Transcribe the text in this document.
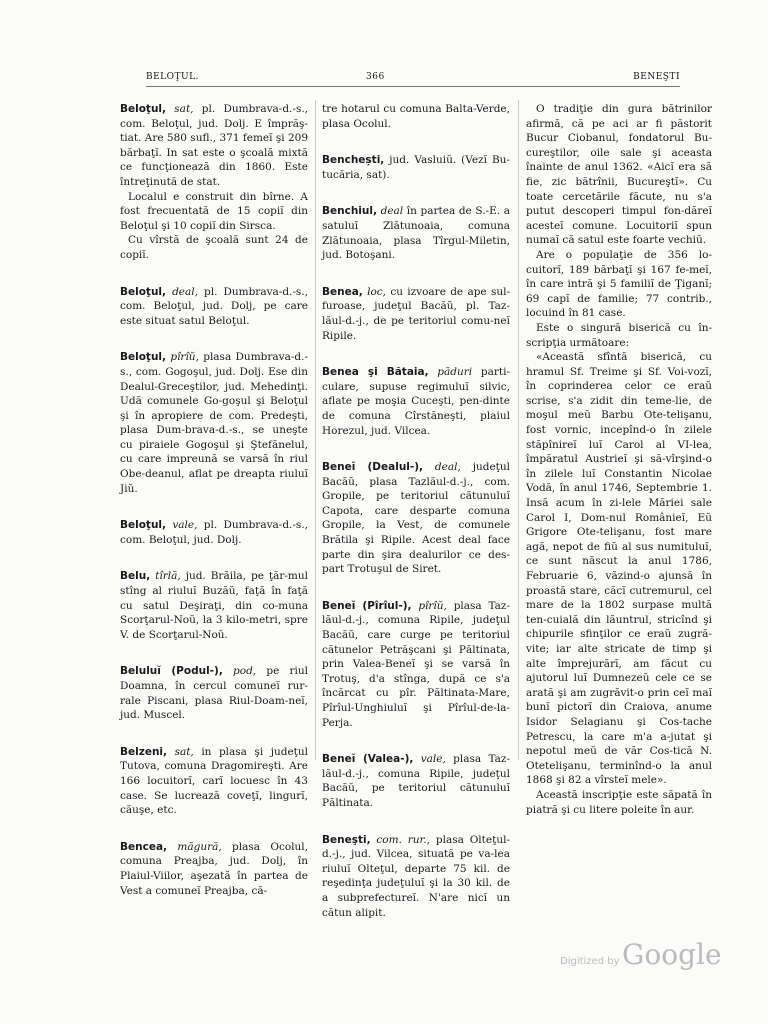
BELOŢUL.	366	BENEŞTI

Beloţul, sat, pl. Dumbrava-d.-s., com. Beloţul, jud. Dolj. E împrăş-tiat. Are 580 sufl., 371 femeĭ şi 209 bărbaţĭ. In sat este o şcoală mixtă ce funcţionează din 1860. Este întreţinută de stat.

Localul e construit din bîrne. A fost frecuentată de 15 copiĭ din Beloţul şi 10 copiĭ din Sirsca.

Cu vîrstă de şcoală sunt 24 de copiĭ.

Beloţul, deal, pl. Dumbrava-d.-s., com. Beloţul, jud. Dolj, pe care este situat satul Beloţul.

Beloţul, pîrîŭ, plasa Dumbrava-d.-s., com. Gogoşul, jud. Dolj. Ese din Dealul-Greceştilor, jud. Mehedinţi. Udă comunele Go-goşul şi Beloţul şi în apropiere de com. Predeşti, plasa Dum-brava-d.-s., se uneşte cu piraiele Gogoşul şi Ştefănelul, cu care impreună se varsă în riul Obe-deanul, aflat pe dreapta riuluĭ Jiŭ.

Beloţul, vale, pl. Dumbrava-d.-s., com. Beloţul, jud. Dolj.

Belu, tîrlă, jud. Brăila, pe ţăr-mul stîng al riuluĭ Buzăŭ, faţă în faţă cu satul Deşiraţi, din co-muna Scorţarul-Noŭ, la 3 kilo-metri, spre V. de Scorţarul-Noŭ.

Beluluĭ (Podul-), pod, pe riul Doamna, în cercul comuneĭ rur-rale Piscani, plasa Riul-Doam-neĭ, jud. Muscel.

Belzeni, sat, in plasa şi judeţul Tutova, comuna Dragomireşti. Are 166 locuitorĭ, carĭ locuesc în 43 case. Se lucrează coveţĭ, lingurĭ, căuşe, etc.

Bencea, măgură, plasa Ocolul, comuna Preajba, jud. Dolj, în Plaiul-Viilor, aşezată în partea de Vest a comuneĭ Preajba, că-

tre hotarul cu comuna Balta-Verde, plasa Ocolul.

Benchești, jud. Vasluiŭ. (Vezĭ Bu-tucăria, sat).

Benchiul, deal în partea de S.-E. a satuluĭ Zlătunoaia, comuna Zlătunoaia, plasa Tîrgul-Miletin, jud. Botoşani.

Benea, loc, cu izvoare de ape sul-furoase, judeţul Bacăŭ, pl. Taz-lăul-d.-j., de pe teritoriul comu-neĭ Ripile.

Benea şi Bătaia, păduri parti-culare, supuse regimuluĭ silvic, aflate pe moşia Cuceşti, pen-dinte de comuna Cîrstăneşti, plaiul Horezul, jud. Vilcea.

Beneĭ (Dealul-), deal, judeţul Bacăŭ, plasa Tazlăul-d.-j., com. Gropile, pe teritoriul cătunuluĭ Capota, care desparte comuna Gropile, la Vest, de comunele Brătila şi Ripile. Acest deal face parte din şira dealurilor ce des-part Trotuşul de Siret.

Beneĭ (Pîrîul-), pîrîŭ, plasa Taz-lăul-d.-j., comuna Ripile, judeţul Bacăŭ, care curge pe teritoriul cătunelor Petrăşcani şi Păltinata, prin Valea-Beneĭ şi se varsă în Trotuş, d'a stînga, după ce s'a încărcat cu pîr. Păltinata-Mare, Pîrîul-Unghiuluĭ şi Pîrîul-de-la-Perja.

Beneĭ (Valea-), vale, plasa Taz-lăul-d.-j., comuna Ripile, judeţul Bacăŭ, pe teritoriul cătunuluĭ Păltinata.

Beneşti, com. rur., plasa Olteţul-d.-j., jud. Vilcea, situată pe va-lea riuluĭ Olteţul, departe 75 kil. de reşedinţa judeţuluĭ şi la 30 kil. de a subprefectureĭ. N'are nicĭ un cătun alipit.

O tradiţie din gura bătrinilor afirmă, că pe aci ar fi păstorit Bucur Ciobanul, fondatorul Bu-cureştilor, oile sale şi aceasta înainte de anul 1362. «Aicĭ era să fie, zic bătrînii, Bucureştĭ». Cu toate cercetările făcute, nu s'a putut descoperi timpul fon-dăreĭ acesteĭ comune. Locuitoriĭ spun numaĭ că satul este foarte vechiŭ.

Are o populaţie de 356 lo-cuitorĭ, 189 bărbaţĭ şi 167 fe-meĭ, în care intră şi 5 familiĭ de Ţiganĭ; 69 capĭ de familie; 77 contrib., locuind în 81 case.

Este o singură biserică cu în-scripţia următoare:

«Această sfîntă biserică, cu hramul Sf. Treime şi Sf. Voi-vozĭ, în coprinderea celor ce eraŭ scrise, s'a zidit din teme-lie, de moşul meŭ Barbu Ote-telişanu, fost vornic, incepînd-o în zilele stăpînireĭ luĭ Carol al VI-lea, împăratul Austrieĭ şi să-vîrşind-o în zilele luĭ Constantin Nicolae Vodă, în anul 1746, Septembrie 1. Insă acum în zi-lele Măriei sale Carol I, Dom-nul Românieĭ, Eŭ Grigore Ote-telişanu, fost mare agă, nepot de fiŭ al sus numituluĭ, ce sunt născut la anul 1786, Februarie 6, văzind-o ajunsă în proastă stare, căcĭ cutremurul, cel mare de la 1802 surpase multă ten-cuială din lăuntrul, stricînd şi chipurile sfinţilor ce eraŭ zugră-vite; iar alte stricate de timp şi alte împrejurărĭ, am făcut cu ajutorul luĭ Dumnezeŭ cele ce se arată şi am zugrăvit-o prin ceĭ maĭ bunĭ pictorĭ din Craiova, anume Isidor Selagianu şi Cos-tache Petrescu, la care m'a a-jutat şi nepotul meŭ de văr Cos-tică N. Otetelişanu, terminînd-o la anul 1868 şi 82 a vîrsteĭ mele».

Această inscripţie este săpată în piatră şi cu litere poleite în aur.

Digitized by Google
